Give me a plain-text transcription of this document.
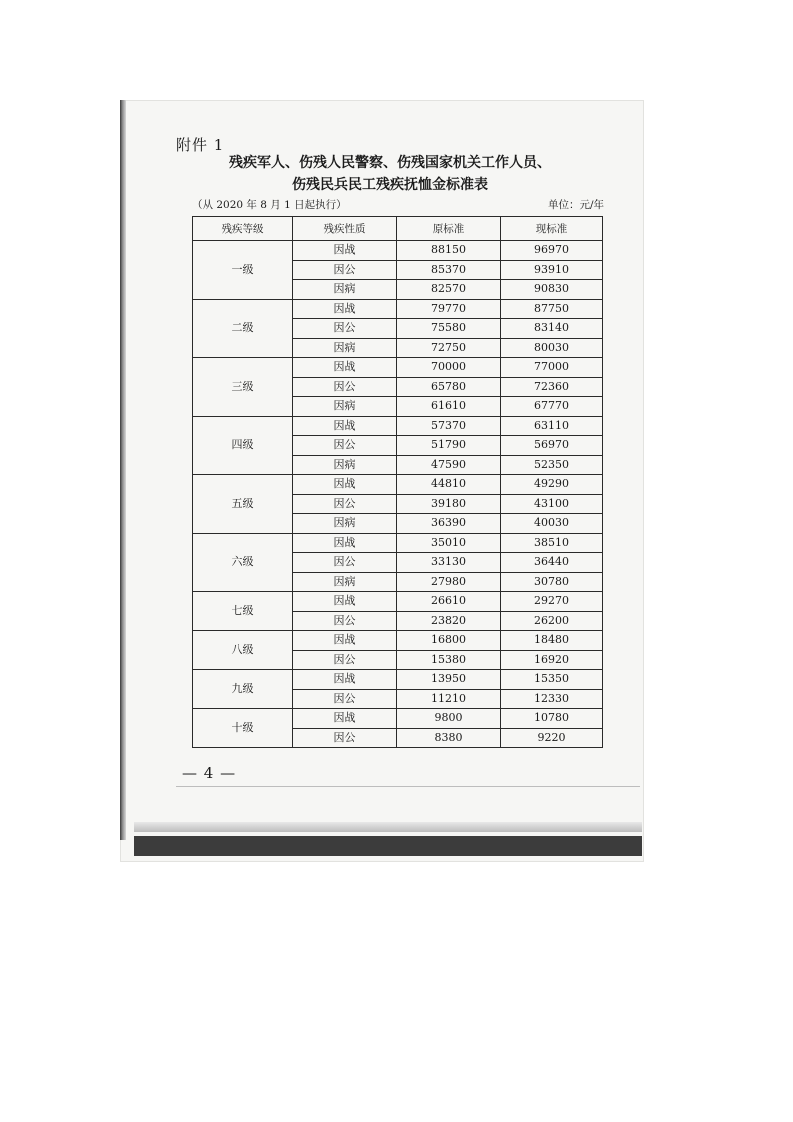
附件 1
残疾军人、伤残人民警察、伤残国家机关工作人员、
伤残民兵民工残疾抚恤金标准表
（从 2020 年 8 月 1 日起执行）	单位：元/年
残疾等级	残疾性质	原标准	现标准
一级	因战	88150	96970
	因公	85370	93910
	因病	82570	90830
二级	因战	79770	87750
	因公	75580	83140
	因病	72750	80030
三级	因战	70000	77000
	因公	65780	72360
	因病	61610	67770
四级	因战	57370	63110
	因公	51790	56970
	因病	47590	52350
五级	因战	44810	49290
	因公	39180	43100
	因病	36390	40030
六级	因战	35010	38510
	因公	33130	36440
	因病	27980	30780
七级	因战	26610	29270
	因公	23820	26200
八级	因战	16800	18480
	因公	15380	16920
九级	因战	13950	15350
	因公	11210	12330
十级	因战	9800	10780
	因公	8380	9220
— 4 —
